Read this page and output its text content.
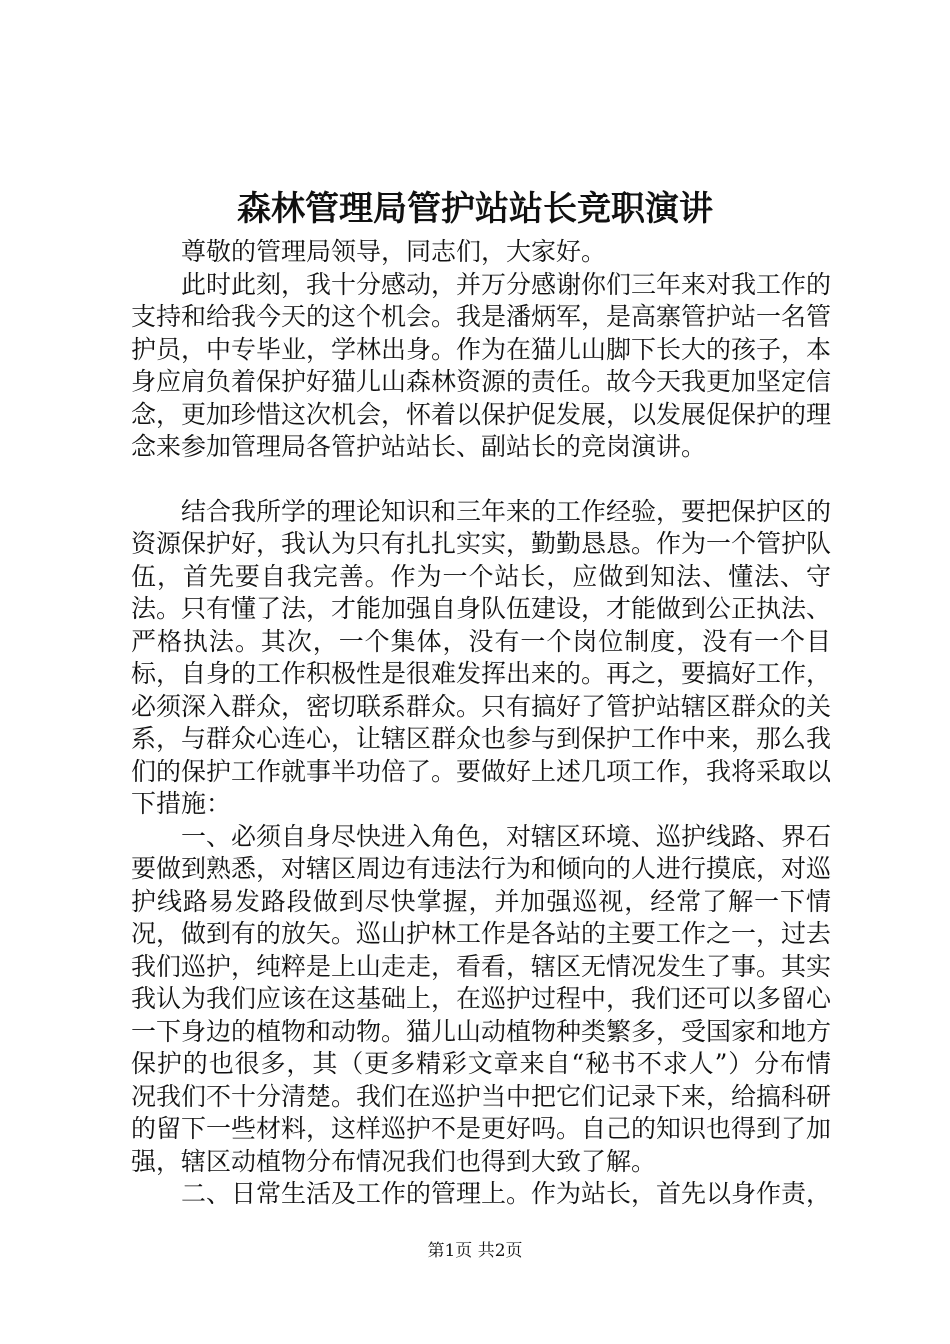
森林管理局管护站站长竞职演讲

尊敬的管理局领导，同志们，大家好。

此时此刻，我十分感动，并万分感谢你们三年来对我工作的支持和给我今天的这个机会。我是潘炳军，是高寨管护站一名管护员，中专毕业，学林出身。作为在猫儿山脚下长大的孩子，本身应肩负着保护好猫儿山森林资源的责任。故今天我更加坚定信念，更加珍惜这次机会，怀着以保护促发展，以发展促保护的理念来参加管理局各管护站站长、副站长的竞岗演讲。

结合我所学的理论知识和三年来的工作经验，要把保护区的资源保护好，我认为只有扎扎实实，勤勤恳恳。作为一个管护队伍，首先要自我完善。作为一个站长，应做到知法、懂法、守法。只有懂了法，才能加强自身队伍建设，才能做到公正执法、严格执法。其次，一个集体，没有一个岗位制度，没有一个目标，自身的工作积极性是很难发挥出来的。再之，要搞好工作，必须深入群众，密切联系群众。只有搞好了管护站辖区群众的关系，与群众心连心，让辖区群众也参与到保护工作中来，那么我们的保护工作就事半功倍了。要做好上述几项工作，我将采取以下措施：

一、必须自身尽快进入角色，对辖区环境、巡护线路、界石要做到熟悉，对辖区周边有违法行为和倾向的人进行摸底，对巡护线路易发路段做到尽快掌握，并加强巡视，经常了解一下情况，做到有的放矢。巡山护林工作是各站的主要工作之一，过去我们巡护，纯粹是上山走走，看看，辖区无情况发生了事。其实我认为我们应该在这基础上，在巡护过程中，我们还可以多留心一下身边的植物和动物。猫儿山动植物种类繁多，受国家和地方保护的也很多，其（更多精彩文章来自“秘书不求人”）分布情况我们不十分清楚。我们在巡护当中把它们记录下来，给搞科研的留下一些材料，这样巡护不是更好吗。自己的知识也得到了加强，辖区动植物分布情况我们也得到大致了解。

二、日常生活及工作的管理上。作为站长，首先以身作责，

第1页 共2页
